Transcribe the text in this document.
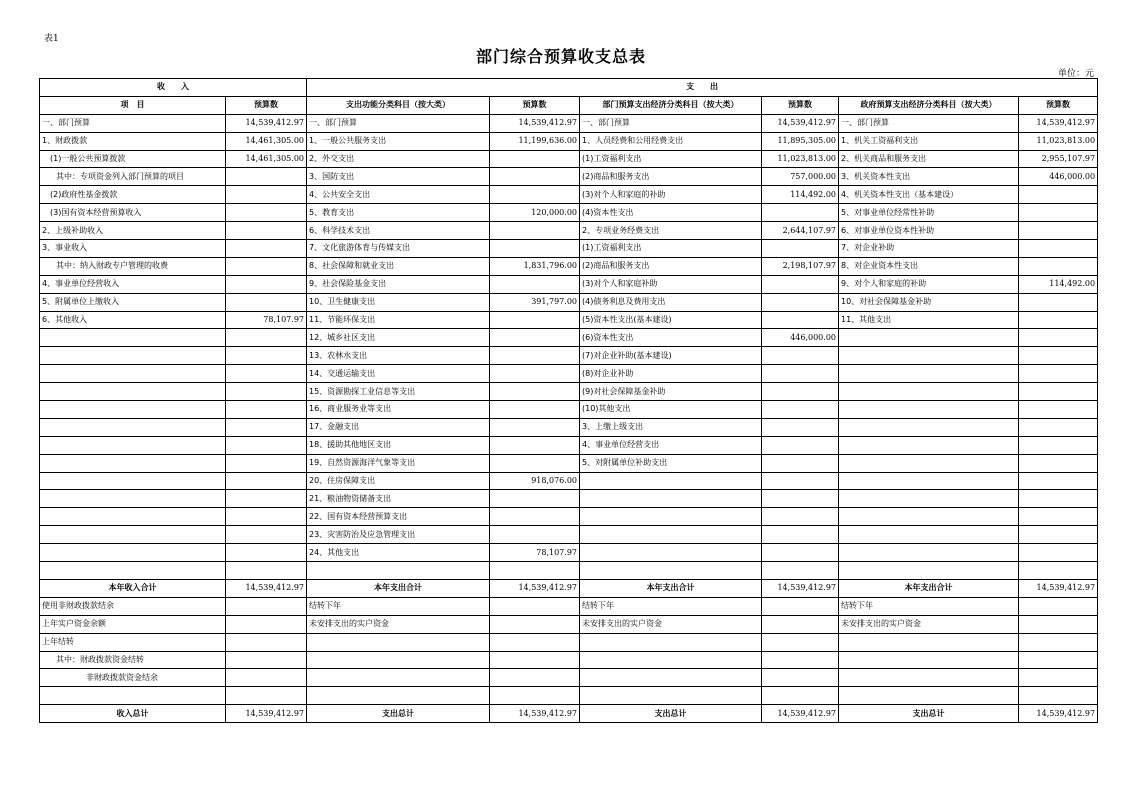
表1
部门综合预算收支总表
单位：元
收　　入		支　　出					
项　目	预算数	支出功能分类科目（按大类）	预算数	部门预算支出经济分类科目（按大类）	预算数	政府预算支出经济分类科目（按大类）	预算数
一、部门预算	14,539,412.97	一、部门预算	14,539,412.97	一、部门预算	14,539,412.97	一、部门预算	14,539,412.97
1、财政拨款	14,461,305.00	1、一般公共服务支出	11,199,636.00	1、人员经费和公用经费支出	11,895,305.00	1、机关工资福利支出	11,023,813.00
(1)一般公共预算拨款	14,461,305.00	2、外交支出		(1)工资福利支出	11,023,813.00	2、机关商品和服务支出	2,955,107.97
其中：专项资金列入部门预算的项目		3、国防支出		(2)商品和服务支出	757,000.00	3、机关资本性支出	446,000.00
(2)政府性基金拨款		4、公共安全支出		(3)对个人和家庭的补助	114,492.00	4、机关资本性支出（基本建设）	
(3)国有资本经营预算收入		5、教育支出	120,000.00	(4)资本性支出		5、对事业单位经常性补助	
2、上级补助收入		6、科学技术支出		2、专项业务经费支出	2,644,107.97	6、对事业单位资本性补助	
3、事业收入		7、文化旅游体育与传媒支出		(1)工资福利支出		7、对企业补助	
其中：纳入财政专户管理的收费		8、社会保障和就业支出	1,831,796.00	(2)商品和服务支出	2,198,107.97	8、对企业资本性支出	
4、事业单位经营收入		9、社会保险基金支出		(3)对个人和家庭补助		9、对个人和家庭的补助	114,492.00
5、附属单位上缴收入		10、卫生健康支出	391,797.00	(4)债务利息及费用支出		10、对社会保障基金补助	
6、其他收入	78,107.97	11、节能环保支出		(5)资本性支出(基本建设)		11、其他支出	
		12、城乡社区支出		(6)资本性支出	446,000.00		
		13、农林水支出		(7)对企业补助(基本建设)			
		14、交通运输支出		(8)对企业补助			
		15、资源勘探工业信息等支出		(9)对社会保障基金补助			
		16、商业服务业等支出		(10)其他支出			
		17、金融支出		3、上缴上级支出			
		18、援助其他地区支出		4、事业单位经营支出			
		19、自然资源海洋气象等支出		5、对附属单位补助支出			
		20、住房保障支出	918,076.00				
		21、粮油物资储备支出					
		22、国有资本经营预算支出					
		23、灾害防治及应急管理支出					
		24、其他支出	78,107.97				

本年收入合计	14,539,412.97	本年支出合计	14,539,412.97	本年支出合计	14,539,412.97	本年支出合计	14,539,412.97
使用非财政拨款结余		结转下年		结转下年		结转下年	
上年实户资金余额		未安排支出的实户资金		未安排支出的实户资金		未安排支出的实户资金	
上年结转							
其中：财政拨款资金结转							
非财政拨款资金结余							

收入总计	14,539,412.97	支出总计	14,539,412.97	支出总计	14,539,412.97	支出总计	14,539,412.97
